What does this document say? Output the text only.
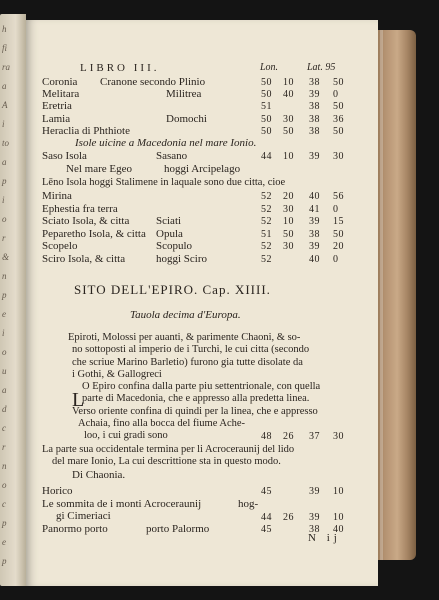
h
fi
ra
a
A
i
to
a
p
i
o
r
&
n
p
e
i
o
u
a
d
c
r
n
o
c
p
e
p
LIBRO III.	Lon.	Lat. 95
Coronia Cranone secondo Plinio	50 10 38 50
Melitara	Militrea	50 40 39 0
Eretria	51	38 50
Lamia	Domochi	50 30 38 36
Heraclia di Phthiote	50 50 38 50
Isole uicine a Macedonia nel mare Ionio.
Saso Isola	Sasano	44 10 39 30
Nel mare Egeo	hoggi Arcipelago
Lēno Isola hoggi Stalimene in laquale sono due citta, cioe
Mirina	52 20 40 56
Ephestia fra terra	52 30 41 0
Sciato Isola, & citta Sciati	52 10 39 15
Peparetho Isola, & citta Opula	51 50 38 50
Scopelo	Scopulo	52 30 39 20
Sciro Isola, & citta	hoggi Sciro	52	40 0
SITO DELL'EPIRO. Cap. XIIII.
Tauola decima d'Europa.
Epiroti, Molossi per auanti, & parimente Chaoni, & so-
no sottoposti al imperio de i Turchi, le cui citta (secondo
che scriue Marino Barletio) furono gia tutte disolate da
i Gothi, & Gallogreci
L
O Epiro confina dalla parte piu settentrionale, con quella
parte di Macedonia, che e appresso alla predetta linea.
Verso oriente confina di quindi per la linea, che e appresso
Achaia, fino alla bocca del fiume Ache-
loo, i cui gradi sono	48 26 37 30
La parte sua occidentale termina per li Acroceraunij del lido
del mare Ionio, La cui descrittione sta in questo modo.
Di Chaonia.
Horico	45	39 10
Le sommita de i monti Acroceraunij	hog-
gi Cimeriaci	44 26 39 10
Panormo porto	porto Palormo	45	38 40
N ij
